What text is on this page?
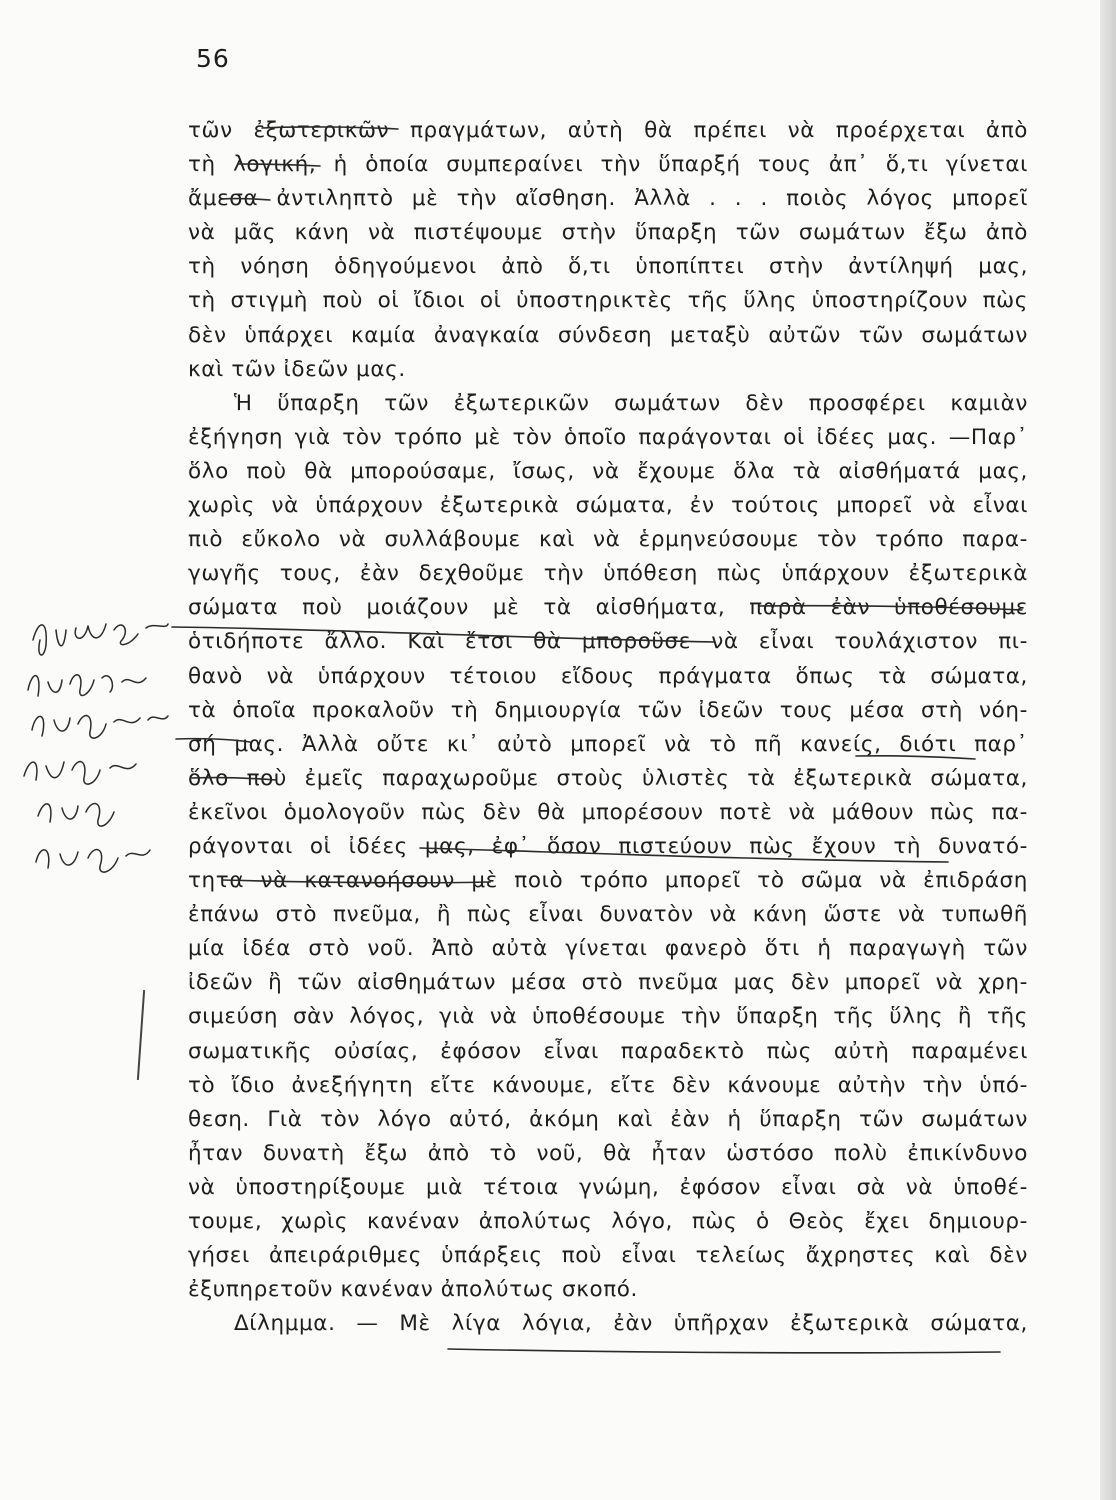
56
τῶν ἐξωτερικῶν πραγμάτων, αὐτὴ θὰ πρέπει νὰ προέρχεται ἀπὸ
τὴ λογική, ἡ ὁποία συμπεραίνει τὴν ὕπαρξή τους ἀπ᾽ ὅ,τι γίνεται
ἄμεσα ἀντιληπτὸ μὲ τὴν αἴσθηση. Ἀλλὰ . . . ποιὸς λόγος μπορεῖ
νὰ μᾶς κάνη νὰ πιστέψουμε στὴν ὕπαρξη τῶν σωμάτων ἔξω ἀπὸ
τὴ νόηση ὁδηγούμενοι ἀπὸ ὅ,τι ὑποπίπτει στὴν ἀντίληψή μας,
τὴ στιγμὴ ποὺ οἱ ἴδιοι οἱ ὑποστηρικτὲς τῆς ὕλης ὑποστηρίζουν πὼς
δὲν ὑπάρχει καμία ἀναγκαία σύνδεση μεταξὺ αὐτῶν τῶν σωμάτων
καὶ τῶν ἰδεῶν μας.
Ἡ ὕπαρξη τῶν ἐξωτερικῶν σωμάτων δὲν προσφέρει καμιὰν
ἐξήγηση γιὰ τὸν τρόπο μὲ τὸν ὁποῖο παράγονται οἱ ἰδέες μας. —Παρ᾽
ὅλο ποὺ θὰ μπορούσαμε, ἴσως, νὰ ἔχουμε ὅλα τὰ αἰσθήματά μας,
χωρὶς νὰ ὑπάρχουν ἐξωτερικὰ σώματα, ἐν τούτοις μπορεῖ νὰ εἶναι
πιὸ εὔκολο νὰ συλλάβουμε καὶ νὰ ἑρμηνεύσουμε τὸν τρόπο παρα-
γωγῆς τους, ἐὰν δεχθοῦμε τὴν ὑπόθεση πὼς ὑπάρχουν ἐξωτερικὰ
σώματα ποὺ μοιάζουν μὲ τὰ αἰσθήματα, παρὰ ἐὰν ὑποθέσουμε
ὁτιδήποτε ἄλλο. Καὶ ἔτσι θὰ μποροῦσε νὰ εἶναι τουλάχιστον πι-
θανὸ νὰ ὑπάρχουν τέτοιου εἴδους πράγματα ὅπως τὰ σώματα,
τὰ ὁποῖα προκαλοῦν τὴ δημιουργία τῶν ἰδεῶν τους μέσα στὴ νόη-
σή μας. Ἀλλὰ οὔτε κι᾽ αὐτὸ μπορεῖ νὰ τὸ πῆ κανείς, διότι παρ᾽
ὅλο ποὺ ἐμεῖς παραχωροῦμε στοὺς ὑλιστὲς τὰ ἐξωτερικὰ σώματα,
ἐκεῖνοι ὁμολογοῦν πὼς δὲν θὰ μπορέσουν ποτὲ νὰ μάθουν πὼς πα-
ράγονται οἱ ἰδέες μας, ἐφ᾽ ὅσον πιστεύουν πὼς ἔχουν τὴ δυνατό-
τητα νὰ κατανοήσουν μὲ ποιὸ τρόπο μπορεῖ τὸ σῶμα νὰ ἐπιδράση
ἐπάνω στὸ πνεῦμα, ἢ πὼς εἶναι δυνατὸν νὰ κάνη ὥστε νὰ τυπωθῆ
μία ἰδέα στὸ νοῦ. Ἀπὸ αὐτὰ γίνεται φανερὸ ὅτι ἡ παραγωγὴ τῶν
ἰδεῶν ἢ τῶν αἰσθημάτων μέσα στὸ πνεῦμα μας δὲν μπορεῖ νὰ χρη-
σιμεύση σὰν λόγος, γιὰ νὰ ὑποθέσουμε τὴν ὕπαρξη τῆς ὕλης ἢ τῆς
σωματικῆς οὐσίας, ἐφόσον εἶναι παραδεκτὸ πὼς αὐτὴ παραμένει
τὸ ἴδιο ἀνεξήγητη εἴτε κάνουμε, εἴτε δὲν κάνουμε αὐτὴν τὴν ὑπό-
θεση. Γιὰ τὸν λόγο αὐτό, ἀκόμη καὶ ἐὰν ἡ ὕπαρξη τῶν σωμάτων
ἦταν δυνατὴ ἔξω ἀπὸ τὸ νοῦ, θὰ ἦταν ὡστόσο πολὺ ἐπικίνδυνο
νὰ ὑποστηρίξουμε μιὰ τέτοια γνώμη, ἐφόσον εἶναι σὰ νὰ ὑποθέ-
τουμε, χωρὶς κανέναν ἀπολύτως λόγο, πὼς ὁ Θεὸς ἔχει δημιουρ-
γήσει ἀπειράριθμες ὑπάρξεις ποὺ εἶναι τελείως ἄχρηστες καὶ δὲν
ἐξυπηρετοῦν κανέναν ἀπολύτως σκοπό.
Δίλημμα. — Μὲ λίγα λόγια, ἐὰν ὑπῆρχαν ἐξωτερικὰ σώματα,
